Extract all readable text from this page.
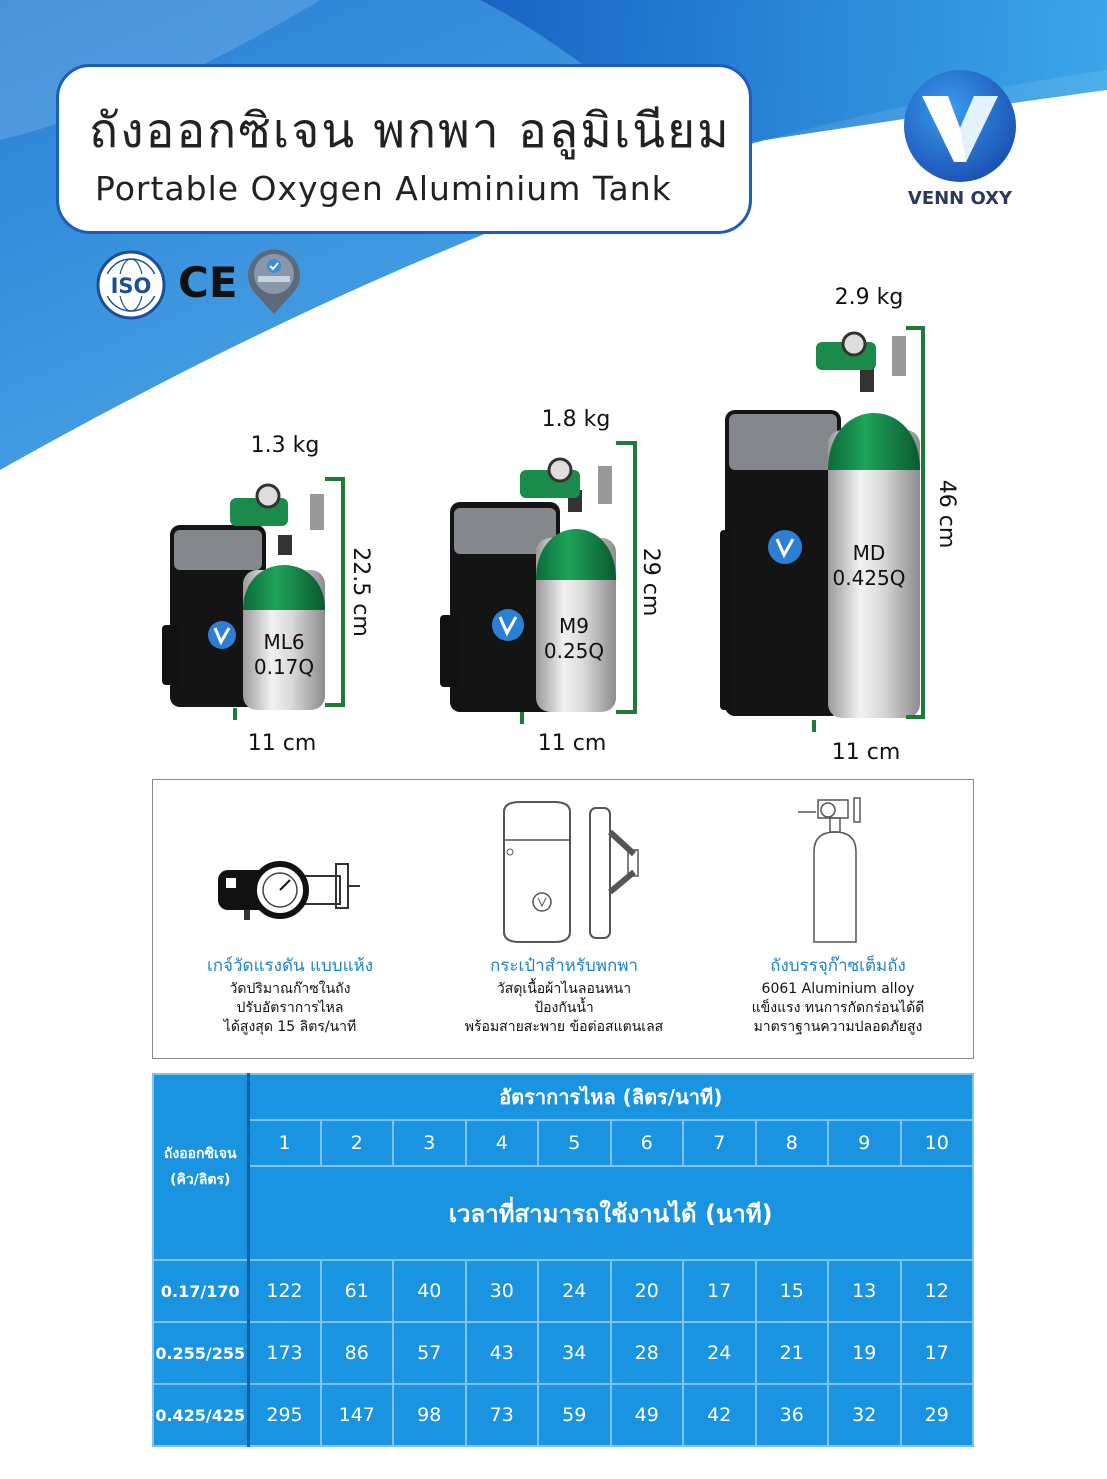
ถังออกซิเจน พกพา อลูมิเนียม
Portable Oxygen Aluminium Tank	VENN OXY
ISO CE
1.3 kg
22.5 cm
11 cm
ML6
0.17Q
1.8 kg
29 cm
11 cm
M9
0.25Q
2.9 kg
46 cm
11 cm
MD
0.425Q
เกจ์วัดแรงดัน แบบแห้ง
วัดปริมาณก๊าซในถัง
ปรับอัตราการไหล
ได้สูงสุด 15 ลิตร/นาที
กระเป๋าสำหรับพกพา
วัสดุเนื้อผ้าไนลอนหนา
ป้องกันน้ำ
พร้อมสายสะพาย ข้อต่อสแตนเลส
ถังบรรจุก๊าซเต็มถัง
6061 Aluminium alloy
แข็งแรง ทนการกัดกร่อนได้ดี
มาตราฐานความปลอดภัยสูง
ถังออกซิเจน
(คิว/ลิตร)	อัตราการไหล (ลิตร/นาที)									
	1	2	3	4	5	6	7	8	9	10
	เวลาที่สามารถใช้งานได้ (นาที)									
0.17/170	122	61	40	30	24	20	17	15	13	12
0.255/255	173	86	57	43	34	28	24	21	19	17
0.425/425	295	147	98	73	59	49	42	36	32	29
